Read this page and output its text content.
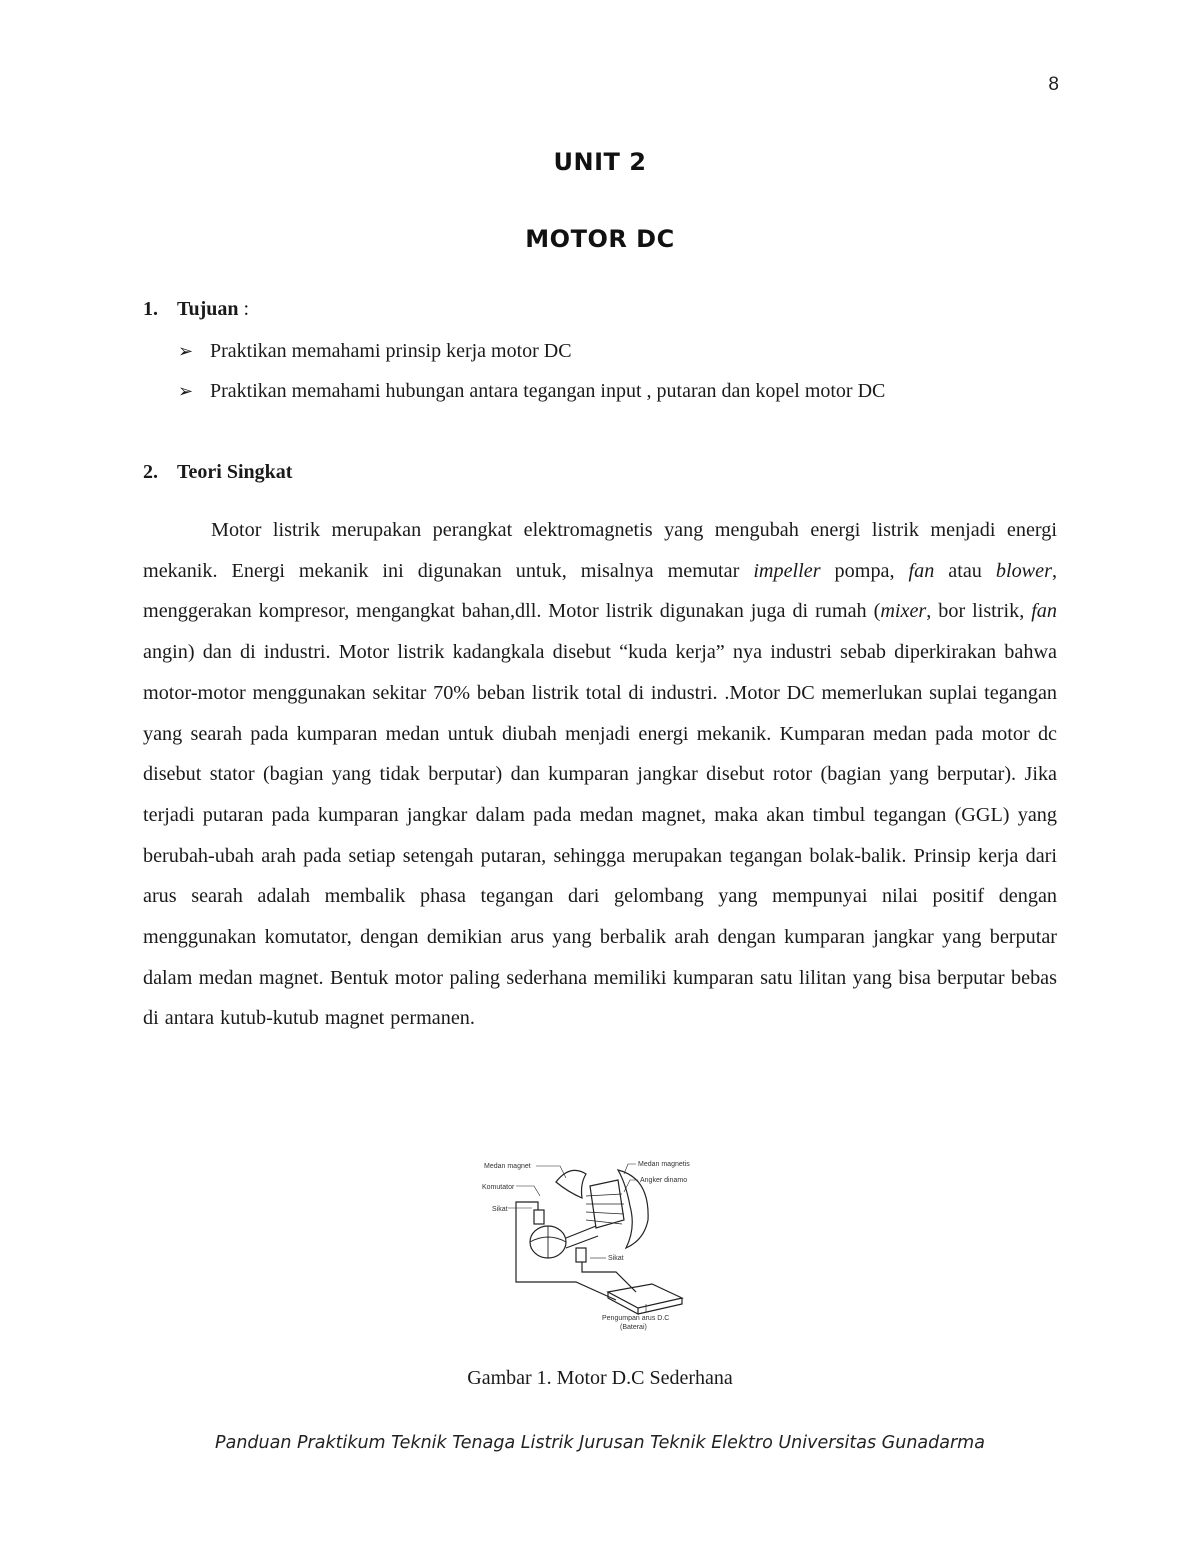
8
UNIT 2
MOTOR DC
1. Tujuan :
➢ Praktikan memahami prinsip kerja motor DC
➢ Praktikan memahami hubungan antara tegangan input , putaran dan kopel motor DC
2. Teori Singkat

Motor listrik merupakan perangkat elektromagnetis yang mengubah energi listrik menjadi energi mekanik. Energi mekanik ini digunakan untuk, misalnya memutar impeller pompa, fan atau blower, menggerakan kompresor, mengangkat bahan,dll. Motor listrik digunakan juga di rumah (mixer, bor listrik, fan angin) dan di industri. Motor listrik kadangkala disebut “kuda kerja” nya industri sebab diperkirakan bahwa motor-motor menggunakan sekitar 70% beban listrik total di industri. .Motor DC memerlukan suplai tegangan yang searah pada kumparan medan untuk diubah menjadi energi mekanik. Kumparan medan pada motor dc disebut stator (bagian yang tidak berputar) dan kumparan jangkar disebut rotor (bagian yang berputar). Jika terjadi putaran pada kumparan jangkar dalam pada medan magnet, maka akan timbul tegangan (GGL) yang berubah-ubah arah pada setiap setengah putaran, sehingga merupakan tegangan bolak-balik. Prinsip kerja dari arus searah adalah membalik phasa tegangan dari gelombang yang mempunyai nilai positif dengan menggunakan komutator, dengan demikian arus yang berbalik arah dengan kumparan jangkar yang berputar dalam medan magnet. Bentuk motor paling sederhana memiliki kumparan satu lilitan yang bisa berputar bebas di antara kutub-kutub magnet permanen.

Medan magnet
Komutator
Sikat
Medan magnetis
Angker dinamo
Sikat
Pengumpan arus D.C
(Baterai)
Gambar 1. Motor D.C Sederhana
Panduan Praktikum Teknik Tenaga Listrik Jurusan Teknik Elektro Universitas Gunadarma
